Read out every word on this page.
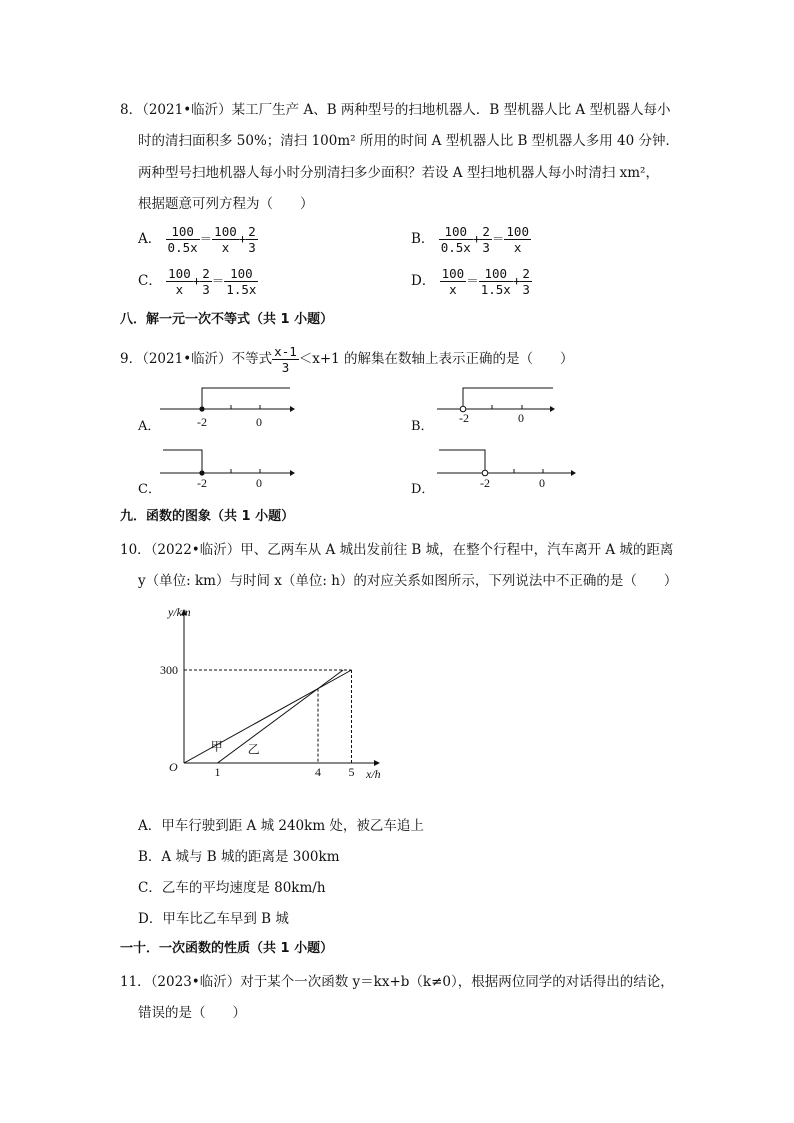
8．（2021•临沂）某工厂生产 A、B 两种型号的扫地机器人．B 型机器人比 A 型机器人每小
时的清扫面积多 50%；清扫 100m² 所用的时间 A 型机器人比 B 型机器人多用 40 分钟．
两种型号扫地机器人每小时分别清扫多少面积？若设 A 型扫地机器人每小时清扫 xm²，
根据题意可列方程为（　　）
A． $\frac{100}{0.5x} = \frac{100}{x} + \frac{2}{3}$	B． $\frac{100}{0.5x} + \frac{2}{3} = \frac{100}{x}$
C． $\frac{100}{x} + \frac{2}{3} = \frac{100}{1.5x}$	D． $\frac{100}{x} = \frac{100}{1.5x} + \frac{2}{3}$
八．解一元一次不等式（共 1 小题）
9．（2021•临沂）不等式 $\frac{x-1}{3} <x+1$ 的解集在数轴上表示正确的是（　　）
A．	-2	0	B．
-2	0
C．	-2	0	D．	-2	0
九．函数的图象（共 1 小题）
10．（2022•临沂）甲、乙两车从 A 城出发前往 B 城，在整个行程中，汽车离开 A 城的距离
y（单位: km）与时间 x（单位: h）的对应关系如图所示，下列说法中不正确的是（　　）
甲 乙
1	4 5
300
O	x/h
y/km
A．甲车行驶到距 A 城 240km 处，被乙车追上
B．A 城与 B 城的距离是 300km
C．乙车的平均速度是 80km/h
D．甲车比乙车早到 B 城
一十．一次函数的性质（共 1 小题）
11．（2023•临沂）对于某个一次函数 y＝kx+b（k≠0），根据两位同学的对话得出的结论，
错误的是（　　）
